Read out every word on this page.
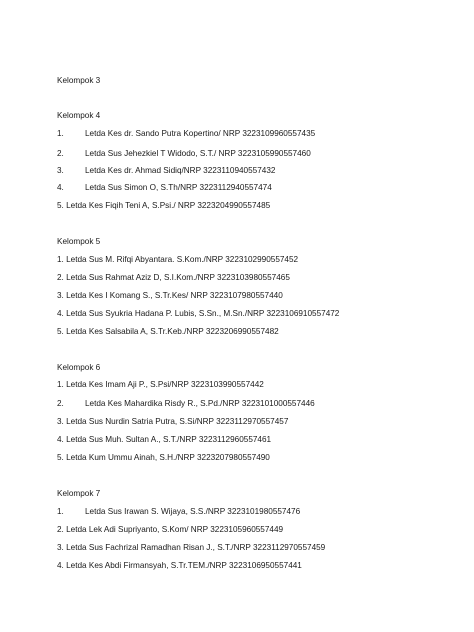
Kelompok 3
Kelompok 4
1.	Letda Kes dr. Sando Putra Kopertino/ NRP 3223109960557435
2.	Letda Sus Jehezkiel T Widodo, S.T./ NRP 3223105990557460
3.	Letda Kes dr. Ahmad Sidiq/NRP 3223110940557432
4.	Letda Sus Simon O, S.Th/NRP 3223112940557474
5. Letda Kes Fiqih Teni A, S.Psi./ NRP 3223204990557485
Kelompok 5
1. Letda Sus M. Rifqi Abyantara. S.Kom./NRP 3223102990557452
2. Letda Sus Rahmat Aziz D, S.I.Kom./NRP 3223103980557465
3. Letda Kes I Komang S., S.Tr.Kes/ NRP 3223107980557440
4. Letda Sus Syukria Hadana P. Lubis, S.Sn., M.Sn./NRP 3223106910557472
5. Letda Kes Salsabila A, S.Tr.Keb./NRP 3223206990557482
Kelompok 6
1. Letda Kes Imam Aji P., S.Psi/NRP 3223103990557442
2.	Letda Kes Mahardika Risdy R., S.Pd./NRP 3223101000557446
3. Letda Sus Nurdin Satria Putra, S.Si/NRP 3223112970557457
4. Letda Sus Muh. Sultan A., S.T./NRP 3223112960557461
5. Letda Kum Ummu Ainah, S.H./NRP 3223207980557490
Kelompok 7
1.	Letda Sus Irawan S. Wijaya, S.S./NRP 3223101980557476
2. Letda Lek Adi Supriyanto, S.Kom/ NRP 3223105960557449
3. Letda Sus Fachrizal Ramadhan Risan J., S.T./NRP 3223112970557459
4. Letda Kes Abdi Firmansyah, S.Tr.TEM./NRP 3223106950557441
